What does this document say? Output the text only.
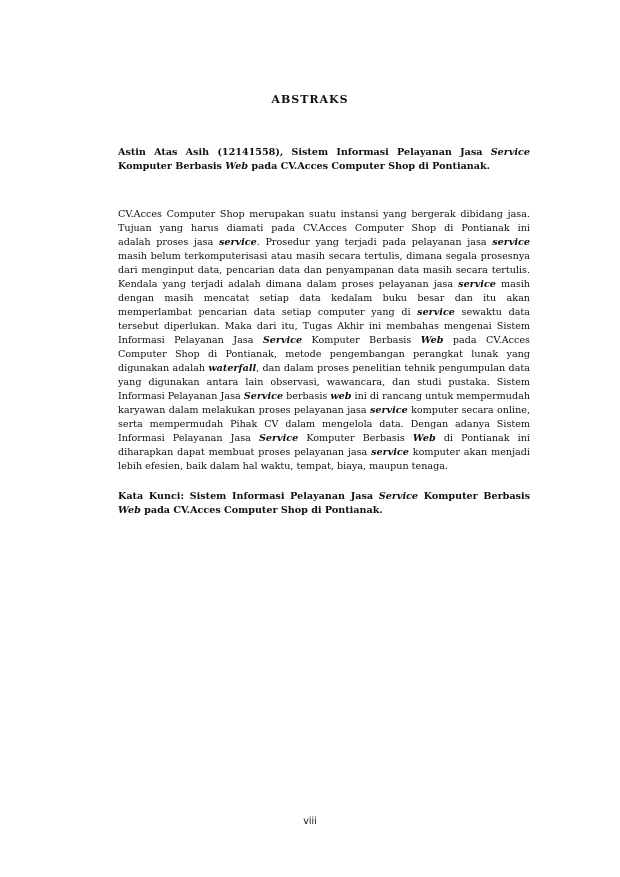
ABSTRAKS
Astin Atas Asih (12141558), Sistem Informasi Pelayanan Jasa Service
Komputer Berbasis Web pada CV.Acces Computer Shop di Pontianak.
CV.Acces Computer Shop merupakan suatu instansi yang bergerak dibidang jasa.
Tujuan yang harus diamati pada CV.Acces Computer Shop di Pontianak ini
adalah proses jasa service. Prosedur yang terjadi pada pelayanan jasa service
masih belum terkomputerisasi atau masih secara tertulis, dimana segala prosesnya
dari menginput data, pencarian data dan penyampanan data masih secara tertulis.
Kendala yang terjadi adalah dimana dalam proses pelayanan jasa service masih
dengan masih mencatat setiap data kedalam buku besar dan itu akan
memperlambat pencarian data setiap computer yang di service sewaktu data
tersebut diperlukan. Maka dari itu, Tugas Akhir ini membahas mengenai Sistem
Informasi Pelayanan Jasa Service Komputer Berbasis Web pada CV.Acces
Computer Shop di Pontianak, metode pengembangan perangkat lunak yang
digunakan adalah waterfall, dan dalam proses penelitian tehnik pengumpulan data
yang digunakan antara lain observasi, wawancara, dan studi pustaka. Sistem
Informasi Pelayanan Jasa Service berbasis web ini di rancang untuk mempermudah
karyawan dalam melakukan proses pelayanan jasa service komputer secara online,
serta mempermudah Pihak CV dalam mengelola data. Dengan adanya Sistem
Informasi Pelayanan Jasa Service Komputer Berbasis Web di Pontianak ini
diharapkan dapat membuat proses pelayanan jasa service komputer akan menjadi
lebih efesien, baik dalam hal waktu, tempat, biaya, maupun tenaga.
Kata Kunci: Sistem Informasi Pelayanan Jasa Service Komputer Berbasis
Web pada CV.Acces Computer Shop di Pontianak.
viii
